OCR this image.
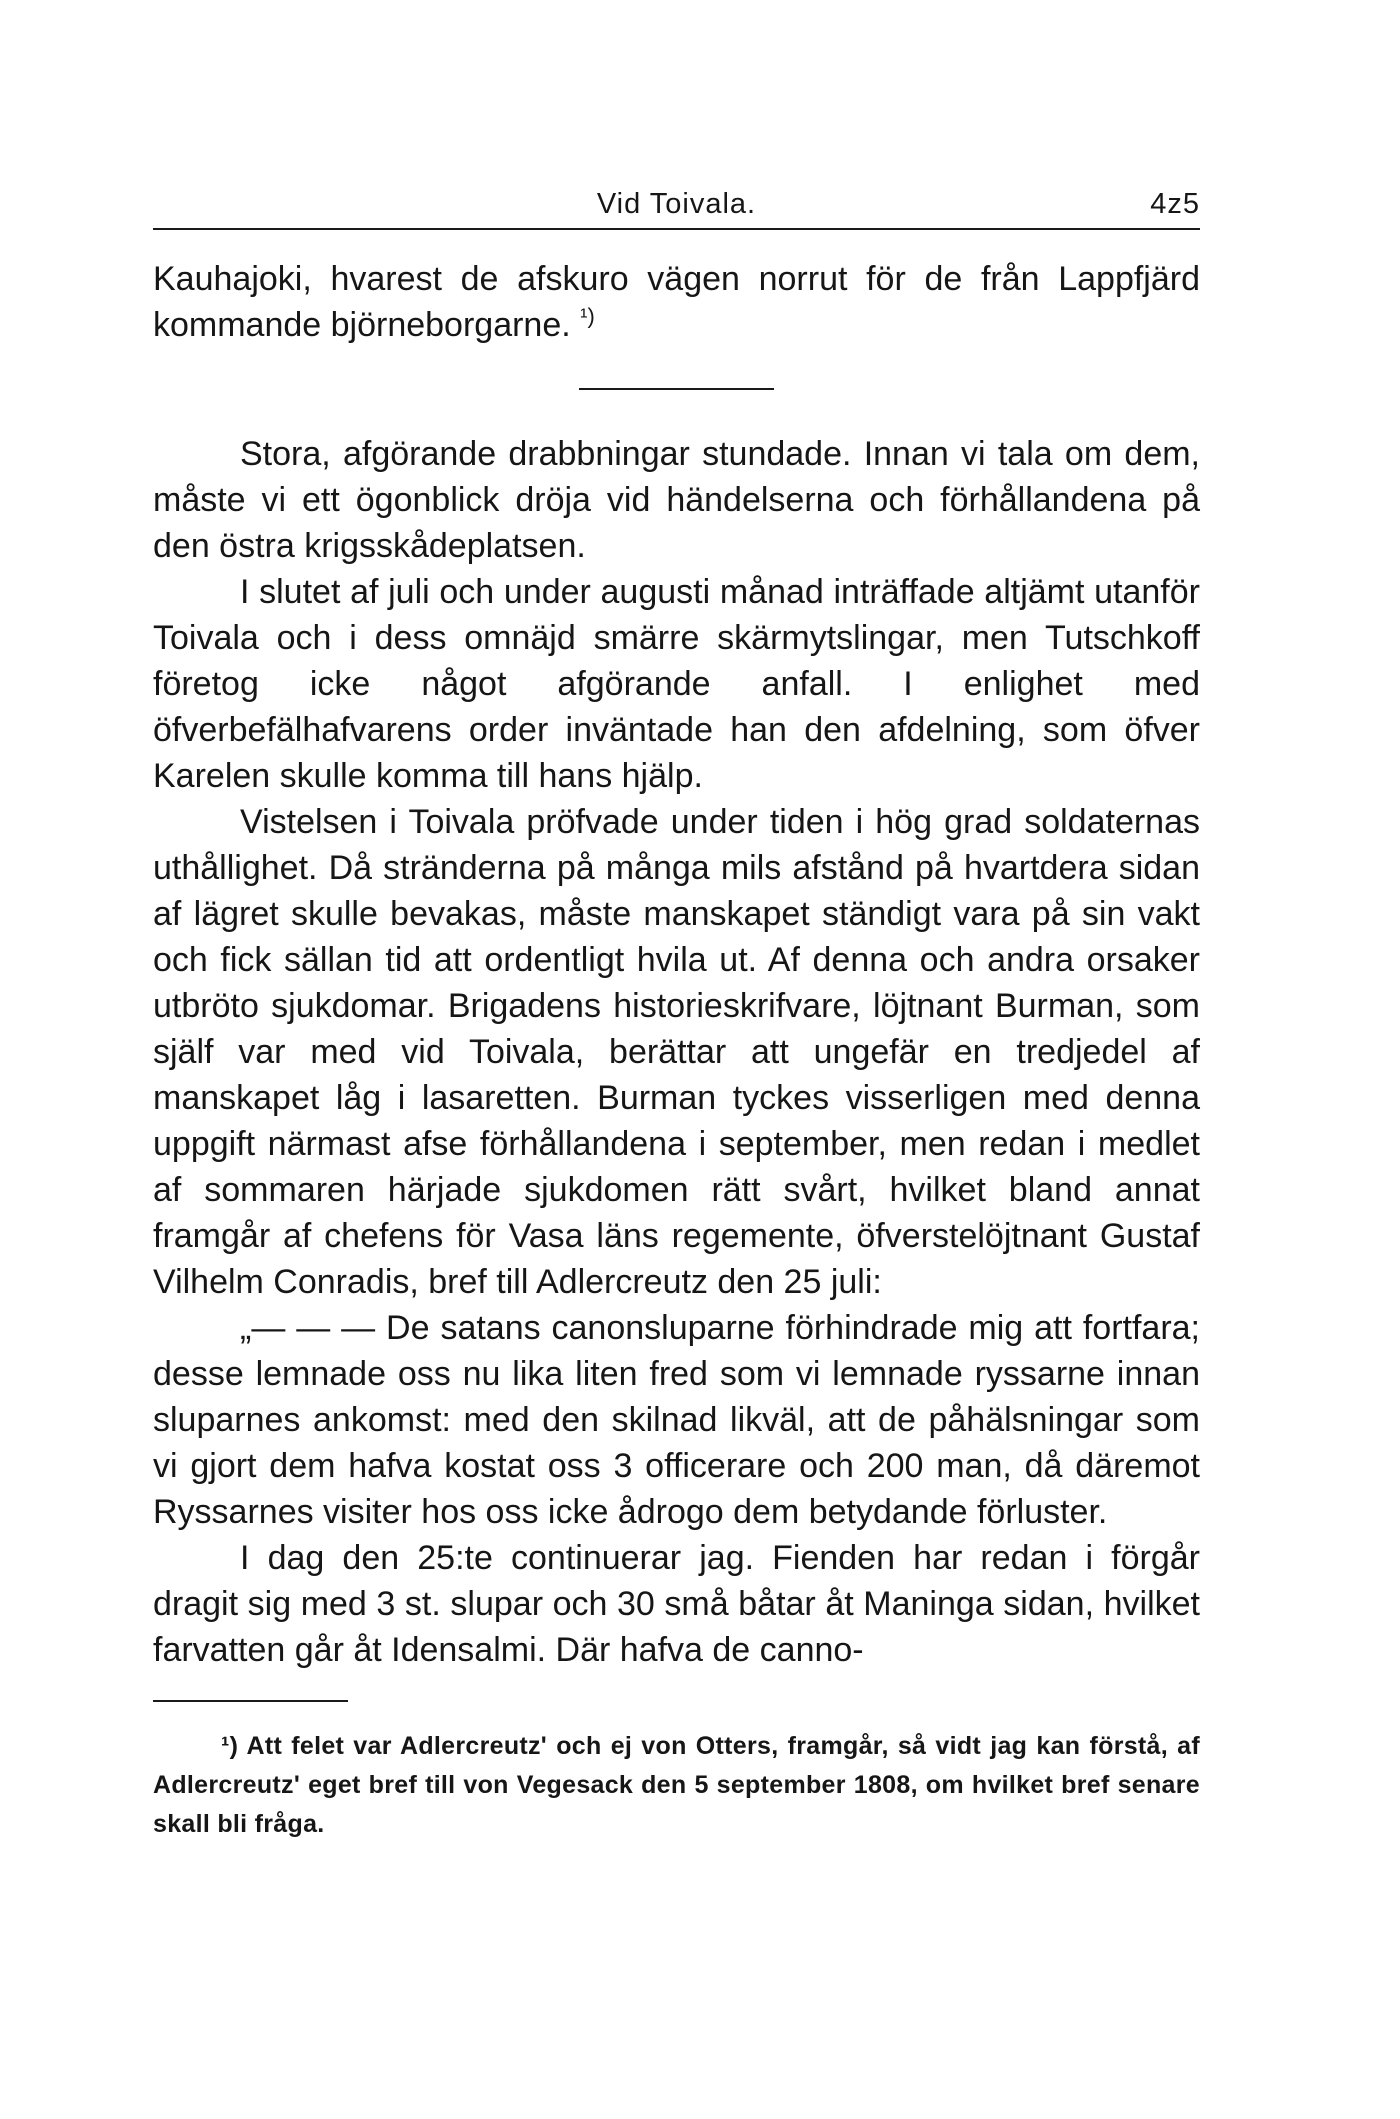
Vid Toivala.	4z5

Kauhajoki, hvarest de afskuro vägen norrut för de från Lappfjärd kommande björneborgarne. $^{^1)}$

Stora, afgörande drabbningar stundade. Innan vi tala om dem, måste vi ett ögonblick dröja vid händelserna och förhållandena på den östra krigsskådeplatsen.

I slutet af juli och under augusti månad inträffade altjämt utanför Toivala och i dess omnäjd smärre skärmytslingar, men Tutschkoff företog icke något afgörande anfall. I enlighet med öfverbefälhafvarens order inväntade han den afdelning, som öfver Karelen skulle komma till hans hjälp.

Vistelsen i Toivala pröfvade under tiden i hög grad soldaternas uthållighet. Då stränderna på många mils afstånd på hvartdera sidan af lägret skulle bevakas, måste manskapet ständigt vara på sin vakt och fick sällan tid att ordentligt hvila ut. Af denna och andra orsaker utbröto sjukdomar. Brigadens historieskrifvare, löjtnant Burman, som själf var med vid Toivala, berättar att ungefär en tredjedel af manskapet låg i lasaretten. Burman tyckes visserligen med denna uppgift närmast afse förhållandena i september, men redan i medlet af sommaren härjade sjukdomen rätt svårt, hvilket bland annat framgår af chefens för Vasa läns regemente, öfverstelöjtnant Gustaf Vilhelm Conradis, bref till Adlercreutz den 25 juli:

„— — — De satans canonsluparne förhindrade mig att fortfara; desse lemnade oss nu lika liten fred som vi lemnade ryssarne innan sluparnes ankomst: med den skilnad likväl, att de påhälsningar som vi gjort dem hafva kostat oss 3 officerare och 200 man, då däremot Ryssarnes visiter hos oss icke ådrogo dem betydande förluster.

I dag den 25:te continuerar jag. Fienden har redan i förgår dragit sig med 3 st. slupar och 30 små båtar åt Maninga sidan, hvilket farvatten går åt Idensalmi. Där hafva de canno-

¹) Att felet var Adlercreutz' och ej von Otters, framgår, så vidt jag kan förstå, af Adlercreutz' eget bref till von Vegesack den 5 september 1808, om hvilket bref senare skall bli fråga.
